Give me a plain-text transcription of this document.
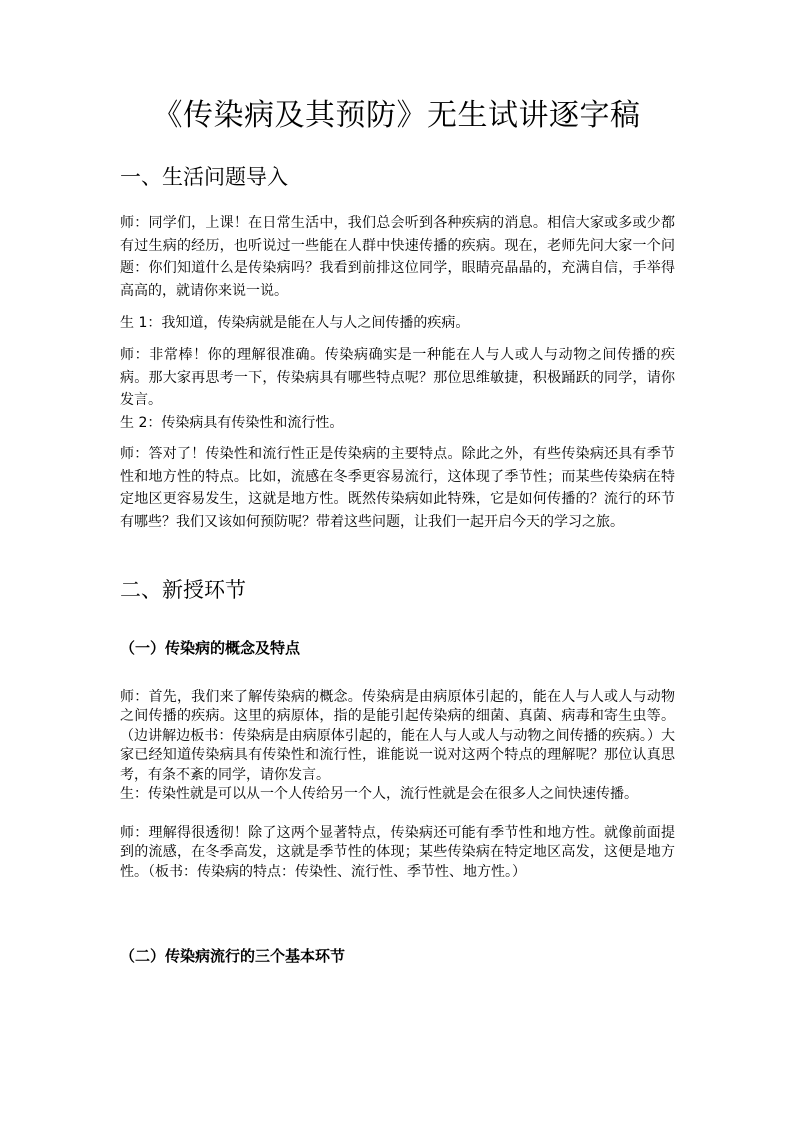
《传染病及其预防》无生试讲逐字稿
一、生活问题导入

师：同学们，上课！在日常生活中，我们总会听到各种疾病的消息。相信大家或多或少都有过生病的经历，也听说过一些能在人群中快速传播的疾病。现在，老师先问大家一个问题：你们知道什么是传染病吗？我看到前排这位同学，眼睛亮晶晶的，充满自信，手举得高高的，就请你来说一说。

生 1：我知道，传染病就是能在人与人之间传播的疾病。

师：非常棒！你的理解很准确。传染病确实是一种能在人与人或人与动物之间传播的疾病。那大家再思考一下，传染病具有哪些特点呢？那位思维敏捷，积极踊跃的同学，请你发言。

生 2：传染病具有传染性和流行性。

师：答对了！传染性和流行性正是传染病的主要特点。除此之外，有些传染病还具有季节性和地方性的特点。比如，流感在冬季更容易流行，这体现了季节性；而某些传染病在特定地区更容易发生，这就是地方性。既然传染病如此特殊，它是如何传播的？流行的环节有哪些？我们又该如何预防呢？带着这些问题，让我们一起开启今天的学习之旅。

二、新授环节
（一）传染病的概念及特点

师：首先，我们来了解传染病的概念。传染病是由病原体引起的，能在人与人或人与动物之间传播的疾病。这里的病原体，指的是能引起传染病的细菌、真菌、病毒和寄生虫等。（边讲解边板书：传染病是由病原体引起的，能在人与人或人与动物之间传播的疾病。）大家已经知道传染病具有传染性和流行性，谁能说一说对这两个特点的理解呢？那位认真思考，有条不紊的同学，请你发言。

生：传染性就是可以从一个人传给另一个人，流行性就是会在很多人之间快速传播。

师：理解得很透彻！除了这两个显著特点，传染病还可能有季节性和地方性。就像前面提到的流感，在冬季高发，这就是季节性的体现；某些传染病在特定地区高发，这便是地方性。（板书：传染病的特点：传染性、流行性、季节性、地方性。）

（二）传染病流行的三个基本环节
